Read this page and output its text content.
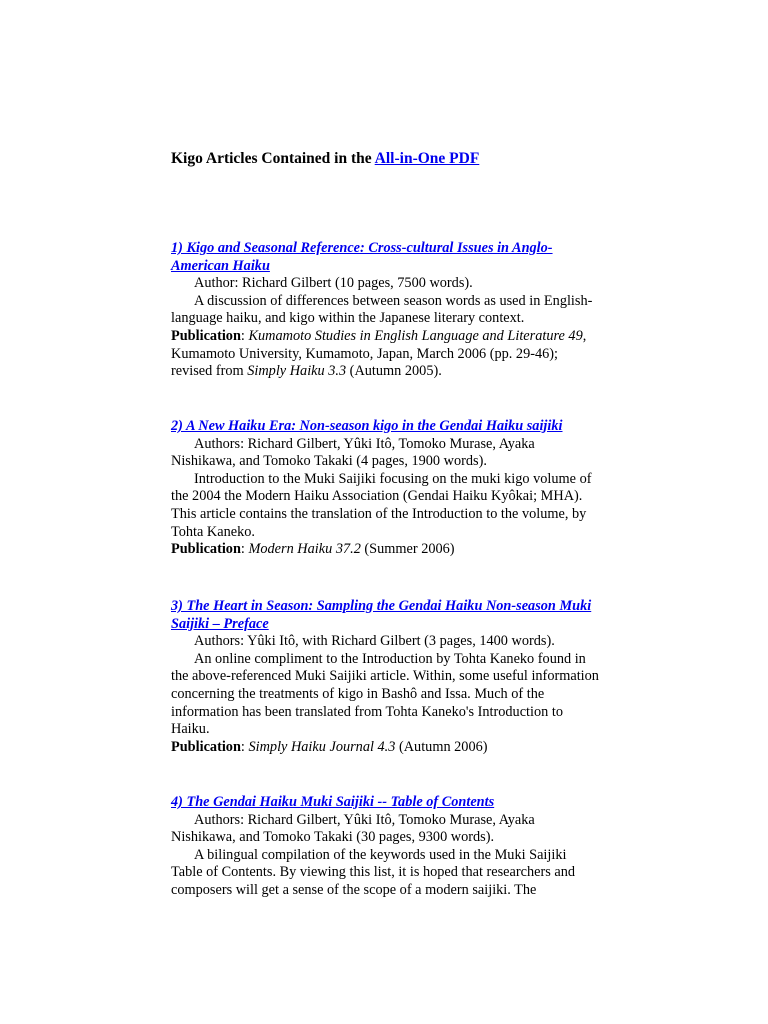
Kigo Articles Contained in the All-in-One PDF
1) Kigo and Seasonal Reference: Cross-cultural Issues in Anglo-American Haiku

Author: Richard Gilbert (10 pages, 7500 words).

A discussion of differences between season words as used in English-language haiku, and kigo within the Japanese literary context.

Publication: Kumamoto Studies in English Language and Literature 49, Kumamoto University, Kumamoto, Japan, March 2006 (pp. 29-46); revised from Simply Haiku 3.3 (Autumn 2005).

2) A New Haiku Era: Non-season kigo in the Gendai Haiku saijiki

Authors: Richard Gilbert, Yûki Itô, Tomoko Murase, Ayaka Nishikawa, and Tomoko Takaki (4 pages, 1900 words).

Introduction to the Muki Saijiki focusing on the muki kigo volume of the 2004 the Modern Haiku Association (Gendai Haiku Kyôkai; MHA). This article contains the translation of the Introduction to the volume, by Tohta Kaneko.

Publication: Modern Haiku 37.2 (Summer 2006)

3) The Heart in Season: Sampling the Gendai Haiku Non-season Muki Saijiki – Preface

Authors: Yûki Itô, with Richard Gilbert (3 pages, 1400 words).

An online compliment to the Introduction by Tohta Kaneko found in the above-referenced Muki Saijiki article. Within, some useful information concerning the treatments of kigo in Bashô and Issa. Much of the information has been translated from Tohta Kaneko's Introduction to Haiku.

Publication: Simply Haiku Journal 4.3 (Autumn 2006)

4) The Gendai Haiku Muki Saijiki -- Table of Contents

Authors: Richard Gilbert, Yûki Itô, Tomoko Murase, Ayaka Nishikawa, and Tomoko Takaki (30 pages, 9300 words).

A bilingual compilation of the keywords used in the Muki Saijiki Table of Contents. By viewing this list, it is hoped that researchers and composers will get a sense of the scope of a modern saijiki. The
